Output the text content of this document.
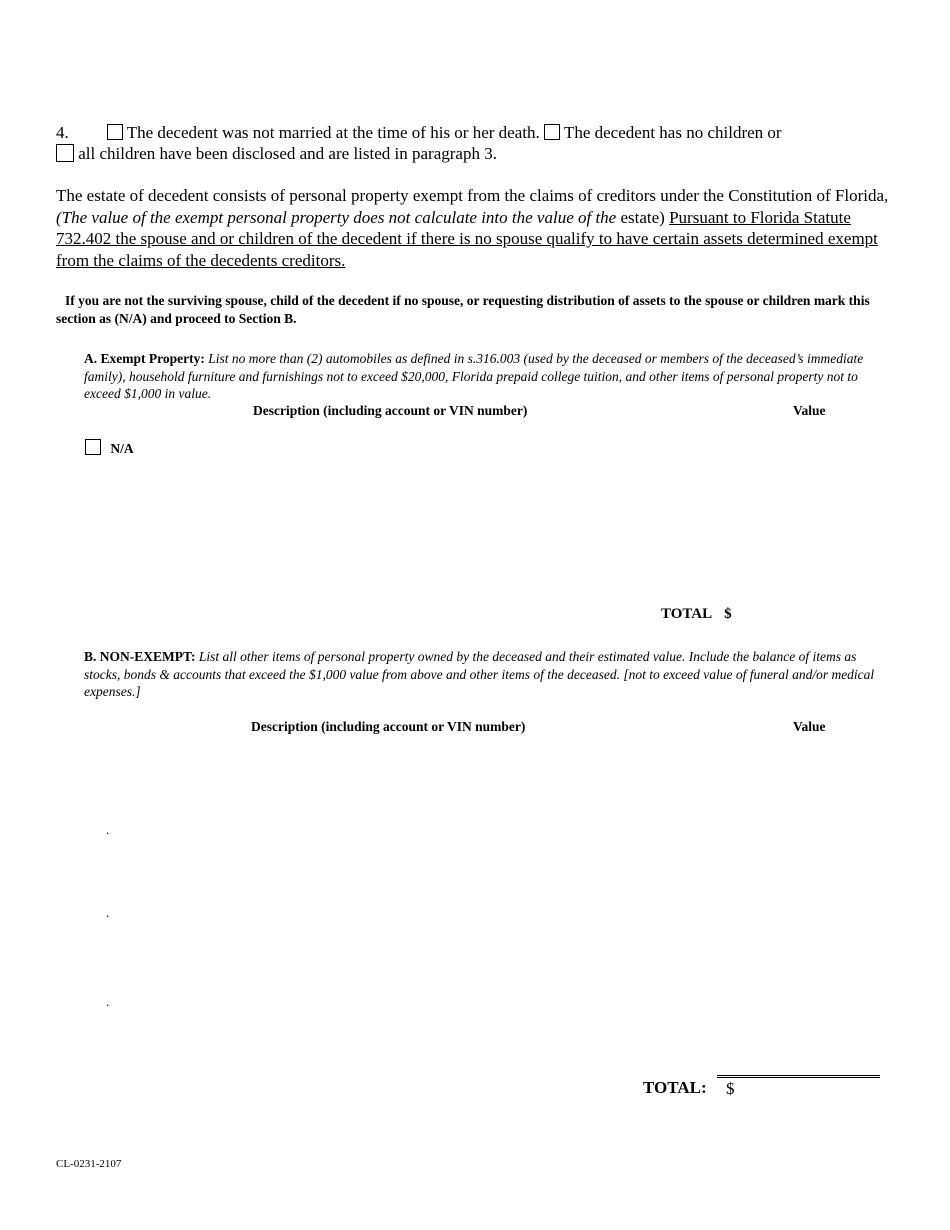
4.	The decedent was not married at the time of his or her death. The decedent has no children or
all children have been disclosed and are listed in paragraph 3.
The estate of decedent consists of personal property exempt from the claims of creditors under the Constitution of Florida, (The value of the exempt personal property does not calculate into the value of the estate) Pursuant to Florida Statute 732.402 the spouse and or children of the decedent if there is no spouse qualify to have certain assets determined exempt from the claims of the decedents creditors.
If you are not the surviving spouse, child of the decedent if no spouse, or requesting distribution of assets to the spouse or children mark this section as (N/A) and proceed to Section B.
A. Exempt Property: List no more than (2) automobiles as defined in s.316.003 (used by the deceased or members of the deceased’s immediate family), household furniture and furnishings not to exceed $20,000, Florida prepaid college tuition, and other items of personal property not to exceed $1,000 in value.
Description (including account or VIN number)	Value
N/A
TOTAL $
B. NON-EXEMPT: List all other items of personal property owned by the deceased and their estimated value. Include the balance of items as stocks, bonds & accounts that exceed the $1,000 value from above and other items of the deceased. [not to exceed value of funeral and/or medical expenses.]
Description (including account or VIN number)	Value
.
.
.
TOTAL: $
CL-0231-2107
